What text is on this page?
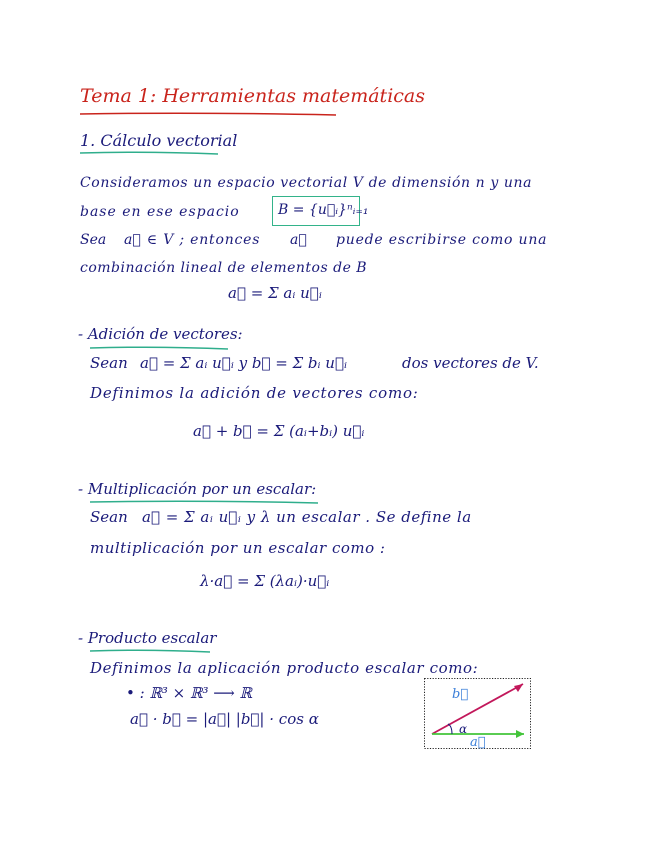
Tema 1: Herramientas matemáticas
1. Cálculo vectorial
Consideramos un espacio vectorial V de dimensión n y una
base en ese espacio	B = {u⃗ᵢ}ⁿᵢ₌₁
Sea a⃗ ∈ V ; entonces a⃗ puede escribirse como una
combinación lineal de elementos de B
a⃗ = Σ aᵢ u⃗ᵢ
- Adición de vectores:
Sean a⃗ = Σ aᵢ u⃗ᵢ y b⃗ = Σ bᵢ u⃗ᵢ	dos vectores de V.
Definimos la adición de vectores como:
a⃗ + b⃗ = Σ (aᵢ+bᵢ) u⃗ᵢ
- Multiplicación por un escalar:
Sean a⃗ = Σ aᵢ u⃗ᵢ y λ un escalar . Se define la
multiplicación por un escalar como :
λ·a⃗ = Σ (λaᵢ)·u⃗ᵢ
- Producto escalar
Definimos la aplicación producto escalar como:
• : ℝ³ × ℝ³ ⟶ ℝ
a⃗ · b⃗ = |a⃗| |b⃗| · cos α
b⃗
α
a⃗
